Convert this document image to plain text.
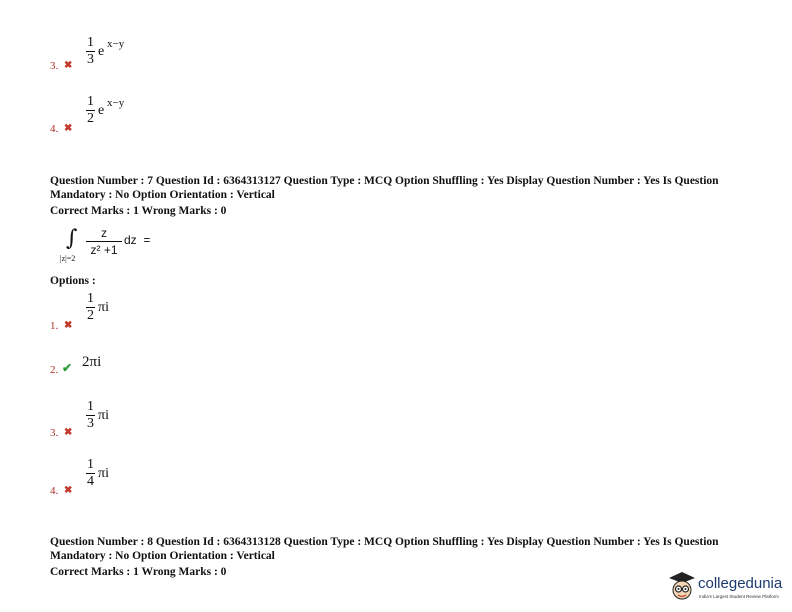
3. ✖
1
3
e x−y
4. ✖
1
2
e x−y
Question Number : 7 Question Id : 6364313127 Question Type : MCQ Option Shuffling : Yes Display Question Number : Yes Is Question
Mandatory : No Option Orientation : Vertical
Correct Marks : 1 Wrong Marks : 0
∫
|z|=2
z
z² +1
dz  =
Options :
1. ✖
1
2
πi
2. ✔ 2πi
3. ✖
1
3
πi
4. ✖
1
4
πi
Question Number : 8 Question Id : 6364313128 Question Type : MCQ Option Shuffling : Yes Display Question Number : Yes Is Question
Mandatory : No Option Orientation : Vertical
Correct Marks : 1 Wrong Marks : 0
collegedunia
India's Largest Student Review Platform
